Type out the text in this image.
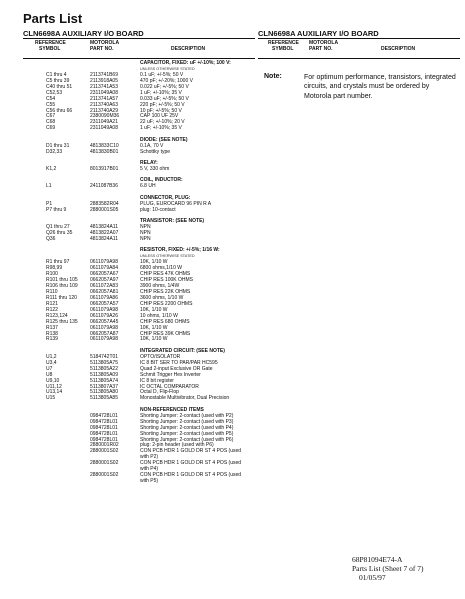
Parts List
CLN6698A AUXILIARY I/O BOARD	CLN6698A AUXILIARY I/O BOARD
REFERENCE
SYMBOL
MOTOROLA
PART NO.	DESCRIPTION
REFERENCE
SYMBOL
MOTOROLA
PART NO.	DESCRIPTION
CAPACITOR, FIXED: uF +/-10%; 100 V:
UNLESS OTHERWISE STATED
C1 thru 4	2113741B69	0.1 uF; +/-5%; 50 V
C5 thru 39	2113918A05	470 pF; +/-20%; 1000 V
C40 thru 51	2113741A53	0.022 uF; +/-5%; 50 V
C52,53	2311049A08	1 uF; +/-10%; 35 V
C54	2113741A57	0.033 uF; +/-5%; 50 V
C55	2113740A63	220 pF; +/-5%; 50 V
C56 thru 66	2113740A29	10 pF; +/-5%; 50 V
C67	2380090M36	CAP 100 UF 25V
C68	2311049A21	22 uF; +/-10%; 20 V
C69	2311049A08	1 uF; +/-10%; 35 V
DIODE: (SEE NOTE)
D1 thru 31	4813833C10	0.1A, 70 V
D32,33	4813830B01	Schottky type
RELAY:
K1,2	8013917B01	5 V, 330 ohm
COIL, INDUCTOR:
L1	2411087B36	6.8 UH
CONNECTOR, PLUG:
P1	2883582R04	PLUG, EUROCARD 96 PIN R A
P7 thru 9	2880001S05	plug: 10-contact
TRANSISTOR: (SEE NOTE)
Q1 thru 27	4813824A11	NPN
Q26 thru 35	4813822A07	NPN
Q36	4813824A11	NPN
RESISTOR, FIXED: +/-5%; 1/16 W:
UNLESS OTHERWISE STATED
R1 thru 97	0611079A98	10K, 1/10 W
R98,99	0611079A84	6800 ohms,1/10 W
R100	0662057A67	CHIP RES 47K OHMS
R101 thru 105 0662057A97	CHIP RES 100K OHMS
R106 thru 109 0611072A83	3900 ohms, 1/4W
R110	0662057A81	CHIP RES 22K OHMS
R111 thru 120	0611079A86	3600 ohms, 1/10 W
R121	0662057A57	CHIP RES 2200 OHMS
R122	0611079A98	10K, 1/10 W
R123,124	0611079A26	10 ohms, 1/10 W
R125 thru 135 0662057A45	CHIP RES 680 OHMS
R137	0611079A98	10K, 1/10 W
R138	0662057A87	CHIP RES 39K OHMS
R139	0611079A98	10K, 1/10 W
INTEGRATED CIRCUIT: (SEE NOTE)
U1,2	5184742T01	OPTO/ISOLATOR
U3,4	5113805A75	IC 8 BIT SER TO PAR/PAR HC595
U7	5113805A22	Quad 2-input Exclusive OR Gate
U8	5113805A09	Schmit Trigger Hex Inverter
U9,10	5113805A74	IC 8 bit register
U11,12	5113807A37	IC OCTAL COMPARATOR
U13,14	5113805A80	Octal D, Flip-Flop
U15	5113805A85	Monostable Multivibrator, Dual Precision
NON-REFERENCED ITEMS
0984728L01	Shorting Jumper: 2-contact (used with P2)
0984728L01	Shorting Jumper: 2-contact (used with P3)
0984728L01	Shorting Jumper: 2-contact (used with P4)
0984728L01	Shorting Jumper: 2-contact (used with P5)
0984728L01	Shorting Jumper: 2-contact (used with P6)
2880001R02	plug: 2-pin header (used with P6)
2880001S02	CON PCB HDR 1 GOLD DR ST 4 POS (used
with P2)
2880001S02	CON PCB HDR 1 GOLD DR ST 4 POS (used
with P4)
2880001S02	CON PCB HDR 1 GOLD DR ST 4 POS (used
with P5)
Note:	For optimum performance, transistors, integrated circuits, and crystals must be ordered by Motorola part number.
68P81094E74-A
Parts List (Sheet 7 of 7)
01/05/97
